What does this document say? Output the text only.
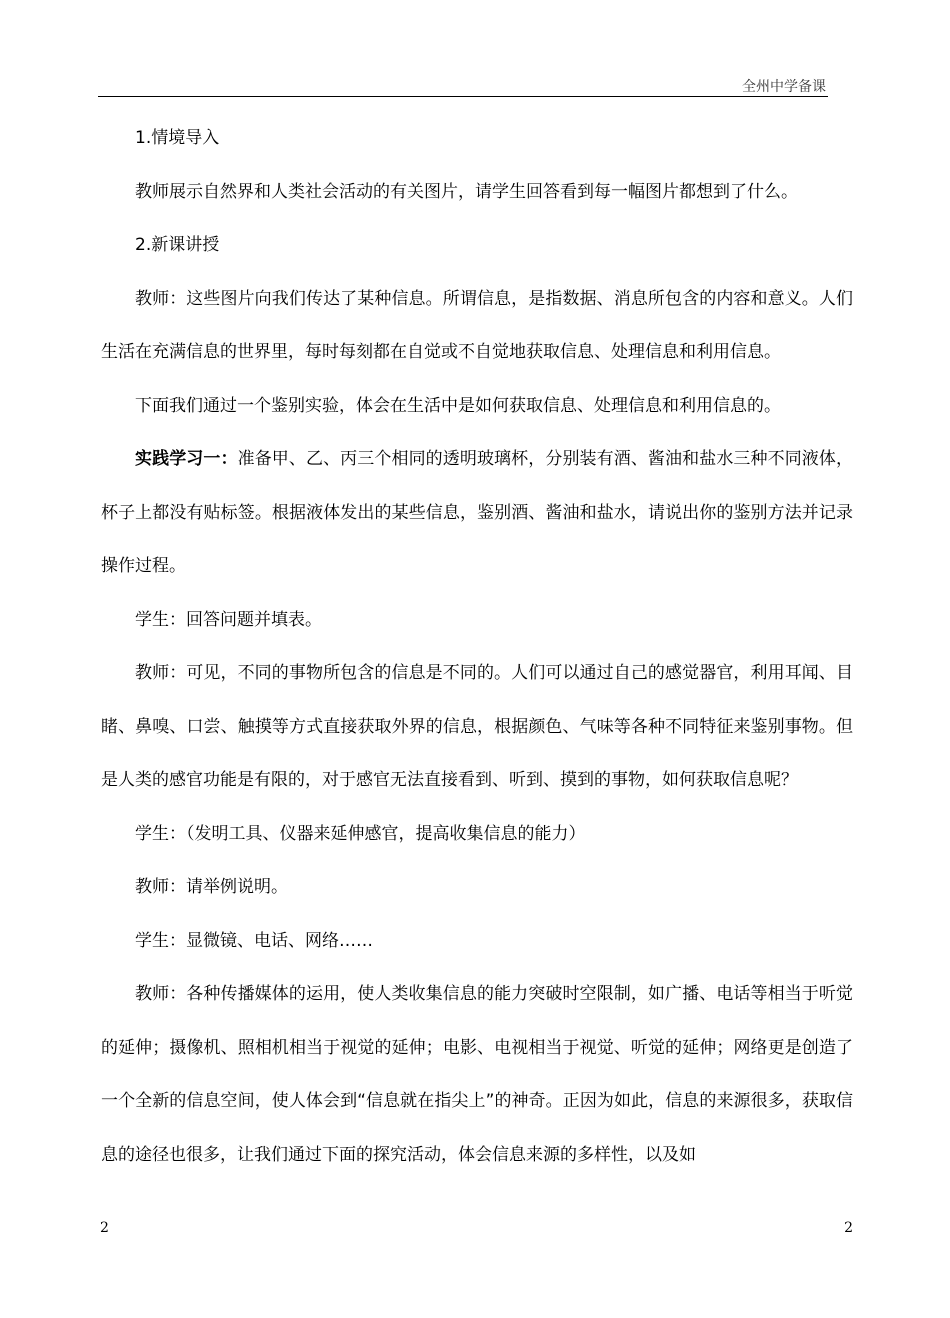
全州中学备课

1.情境导入

教师展示自然界和人类社会活动的有关图片，请学生回答看到每一幅图片都想到了什么。

2.新课讲授

教师：这些图片向我们传达了某种信息。所谓信息，是指数据、消息所包含的内容和意义。人们生活在充满信息的世界里，每时每刻都在自觉或不自觉地获取信息、处理信息和利用信息。

下面我们通过一个鉴别实验，体会在生活中是如何获取信息、处理信息和利用信息的。

实践学习一：准备甲、乙、丙三个相同的透明玻璃杯，分别装有酒、酱油和盐水三种不同液体，杯子上都没有贴标签。根据液体发出的某些信息，鉴别酒、酱油和盐水，请说出你的鉴别方法并记录操作过程。

学生：回答问题并填表。

教师：可见，不同的事物所包含的信息是不同的。人们可以通过自己的感觉器官，利用耳闻、目睹、鼻嗅、口尝、触摸等方式直接获取外界的信息，根据颜色、气味等各种不同特征来鉴别事物。但是人类的感官功能是有限的，对于感官无法直接看到、听到、摸到的事物，如何获取信息呢？

学生：（发明工具、仪器来延伸感官，提高收集信息的能力）

教师：请举例说明。

学生：显微镜、电话、网络……

教师：各种传播媒体的运用，使人类收集信息的能力突破时空限制，如广播、电话等相当于听觉的延伸；摄像机、照相机相当于视觉的延伸；电影、电视相当于视觉、听觉的延伸；网络更是创造了一个全新的信息空间，使人体会到“信息就在指尖上”的神奇。正因为如此，信息的来源很多，获取信息的途径也很多，让我们通过下面的探究活动，体会信息来源的多样性，以及如

2	2
